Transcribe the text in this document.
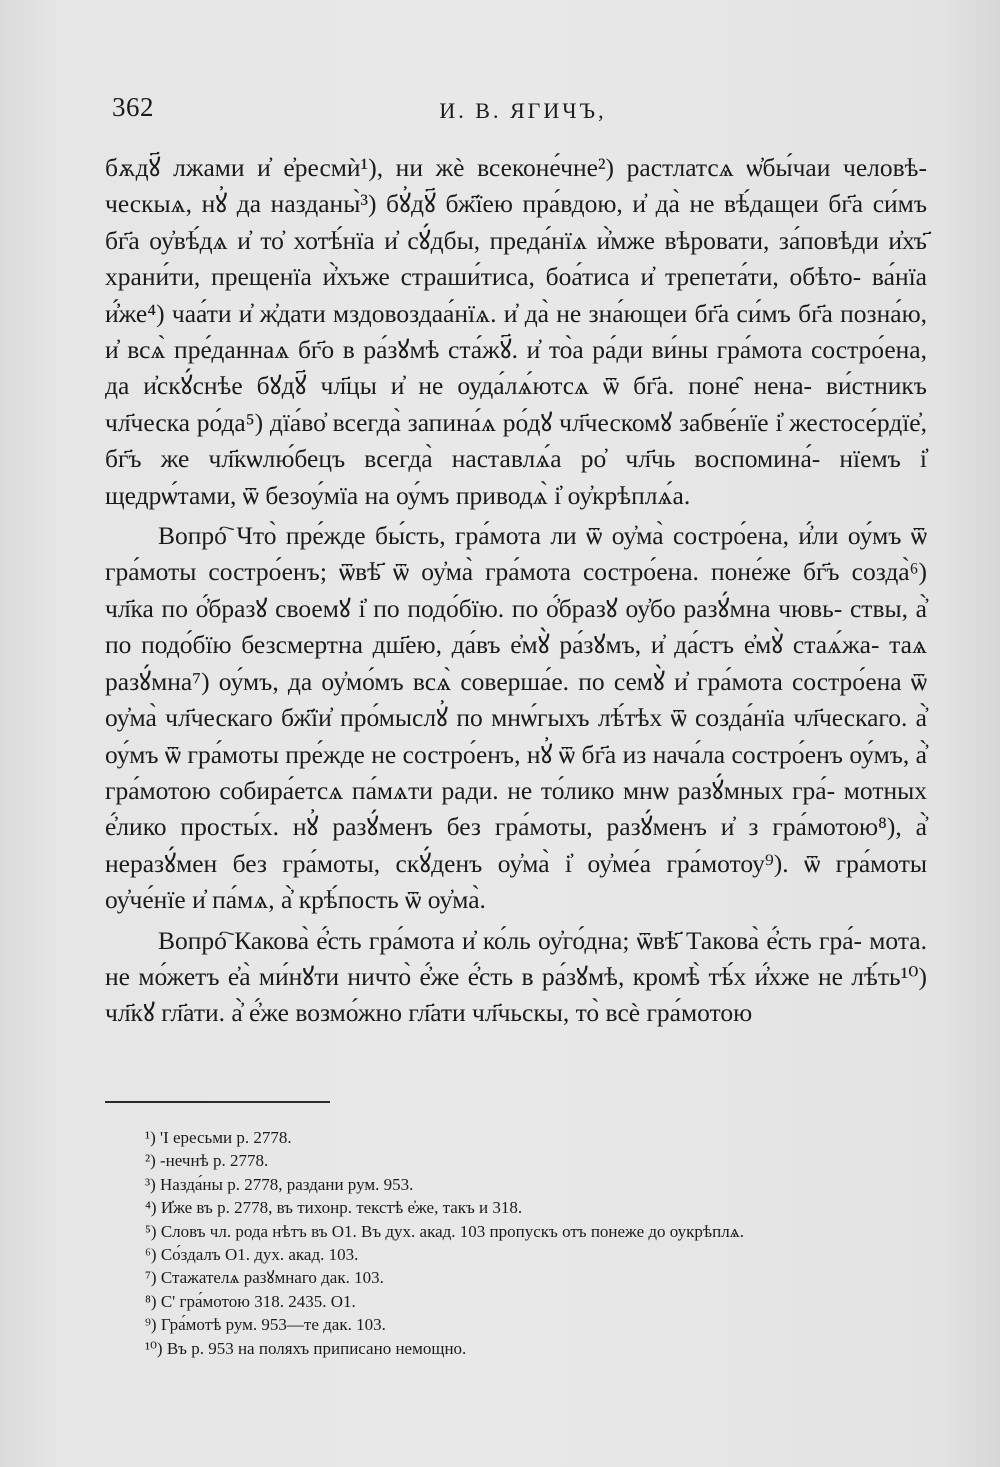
362	И. В. ЯГИЧЪ,

бѫдꙋ҃ лжами и҆ е҆ресмѝ¹), ни жѐ всеконе́чне²) растлатсѧ ѡ҆бы́чаи человѣ- ческыѧ, нꙋ҆ да назданы̀³) бꙋ҆дꙋ҃ бж҃їею пра́вдою, и҆ да̀ не вѣ́дащеи бг҃а си́мъ бг҃а оу҆вѣ́дѧ и҆ то҆ хотѣ́нїа и҆ сꙋ́дбы, преда́нїѧ и҆̀мже вѣровати, за́повѣди и҆хъ҃ храни́ти, прещенїа и҆̀хъже страши́тиса, боа́тиса и҆ трепета́ти, обѣто- ва́нїа и҆҆́же⁴) чаа́ти и҆ ж҆дати мздовоздаа́нїѧ. и҆ да̀ не зна́ющеи бг҃а си́мъ бг҃а позна́ю, и҆ всѧ̀ пре́даннаѧ бг҃о в ра́зꙋмѣ ста́жꙋ҃. и҆ то̀а ра́ди ви́ны гра́мота состро́ена, да и҆скꙋ́снѣе бꙋдꙋ҃ чл҃цы и҆ не оуда́лѧ́ютсѧ ѿ бг҃а. поне̑ нена- ви́стникъ чл҃ческа ро́да⁵) дїа́во҆ всегда̀ запина́ѧ ро́дꙋ чл҃ческомꙋ забве́нїе і҆ жестосе́рдїе҆, бг҃ъ же чл҃кѡлю́бецъ всегда̀ наставлѧ́а ро҆ чл҃чь воспомина́- нїемъ і҆ щедрѡ́тами, ѿ безоу́мїа на оу́мъ приводѧ̀ і҆ оу҆крѣплѧ́а.

Вопро҇ Что̀ пре́жде бы́сть, гра́мота ли ѿ оу҆ма̀ состро́ена, и҆́ли оу́мъ ѿ гра́моты состро́енъ; ѿвѣ҃ ѿ оу҆ма̀ гра́мота состро́ена. поне́же бг҃ъ созда̀⁶) чл҃ка по о҆́бразꙋ своемꙋ і҆ по подо́бїю. по о҆́бразꙋ оу҆бо разꙋ́мна чювь- ствы, а҆̀ по подо́бїю безсмертна дш҃ею, да́въ е҆мꙋ̀ ра́зꙋмъ, и҆ да́стъ е҆мꙋ̀ стаѧ́жа- таѧ разꙋ́мна⁷) оу́мъ, да оу҆мо́мъ всѧ̀ соверша́е. по семꙋ̀ и҆ гра́мота состро́ена ѿ оу҆ма̀ чл҃ческаго бж҃їи҆ про́мыслꙋ҆ по мнѡ́гыхъ лѣ́тѣх ѿ созда́нїа чл҃ческаго. а҆̀ оу́мъ ѿ гра́моты пре́жде не состро́енъ, нꙋ҆ ѿ бг҃а из нача́ла состро́енъ оу́мъ, а҆̀ гра́мотою собира́етсѧ па́мѧти ради. не то́лико мнѡ разꙋ́мных гра́- мотных е҆́лико просты́х. нꙋ҆ разꙋ́менъ без гра́моты, разꙋ́менъ и҆ з гра́мотою⁸), а҆̀ неразꙋ́мен без гра́моты, скꙋ́денъ оу҆ма̀ і҆ оу҆ме́а гра́мотоу⁹). ѿ гра́моты оу҆че́нїе и҆ па́мѧ, а҆̀ крѣ́пость ѿ оу҆ма̀.

Вопро҇ Какова̀ е҆́сть гра́мота и҆ ко́ль оу҆го́дна; ѿвѣ҃ Такова̀ е҆́сть гра́- мота. не мо́жетъ е҆а̀ ми́нꙋти ничто̀ е҆́же е҆́сть в ра́зꙋмѣ, кромѣ̀ тѣ́х и҆́хже не лѣ́ть¹⁰) чл҃кꙋ гл҃ати. а҆̀ е҆́же возмо́жно гл҃ати чл҃чьскы, то̀ всѐ гра́мотою

¹) 'І ересьми р. 2778.

²) -нечнѣ р. 2778.

³) Назда́ны р. 2778, раздани рум. 953.

⁴) И҆же въ р. 2778, въ тихонр. текстѣ е҆же, такъ и 318.

⁵) Словъ чл. рода нѣтъ въ О1. Въ дух. акад. 103 пропускъ отъ понеже до оукрѣплѧ.

⁶) Со́здалъ О1. дух. акад. 103.

⁷) Стажателѧ разꙋмнаго дак. 103.

⁸) С' гра́мотою 318. 2435. О1.

⁹) Гра́мотѣ рум. 953—те дак. 103.

¹⁰) Въ р. 953 на поляхъ приписано немощно.
